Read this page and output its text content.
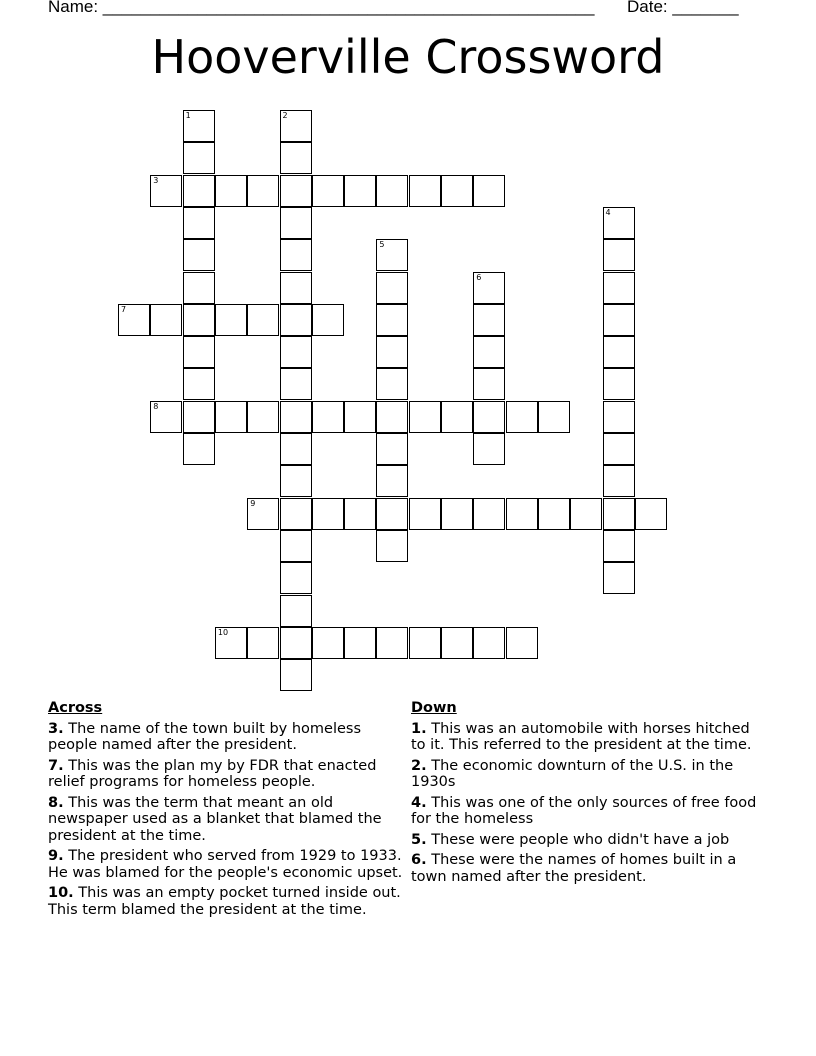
Name: ____________________________________________________ Date: _______
Hooverville Crossword
1	2
3
4
5
6
7
8
9
10
Across
3. The name of the town built by homeless people named after the president.
7. This was the plan my by FDR that enacted relief programs for homeless people.
8. This was the term that meant an old newspaper used as a blanket that blamed the president at the time.
9. The president who served from 1929 to 1933. He was blamed for the people's economic upset.
10. This was an empty pocket turned inside out. This term blamed the president at the time.
Down
1. This was an automobile with horses hitched to it. This referred to the president at the time.
2. The economic downturn of the U.S. in the 1930s
4. This was one of the only sources of free food for the homeless
5. These were people who didn't have a job
6. These were the names of homes built in a town named after the president.
